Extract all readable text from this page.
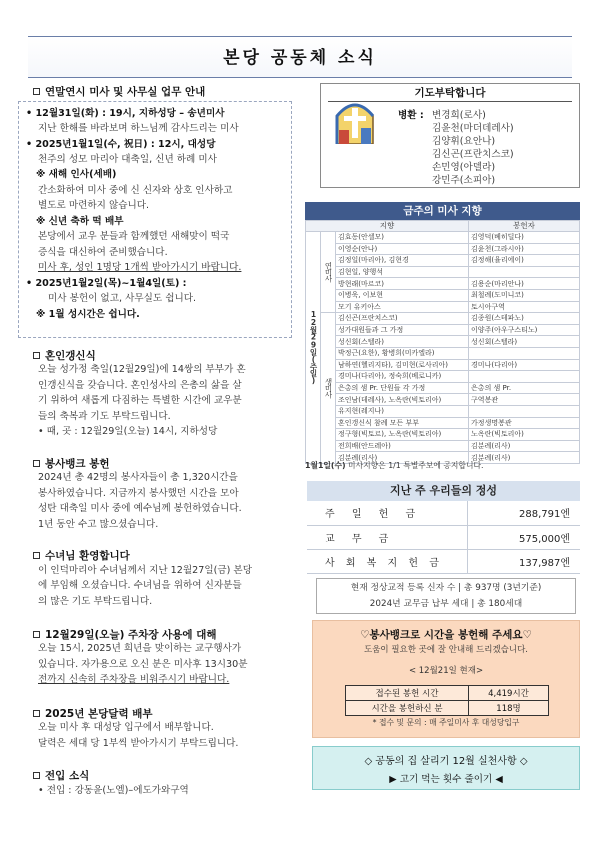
본당 공동체 소식
연말연시 미사 및 사무실 업무 안내
• 12월31일(화) : 19시, 지하성당 – 송년미사
지난 한해를 바라보며 하느님께 감사드리는 미사
• 2025년1월1일(수, 祝日) : 12시, 대성당
천주의 성모 마리아 대축일, 신년 하례 미사
※ 새해 인사(세배)
간소화하여 미사 중에 신 신자와 상호 인사하고
별도로 마련하지 않습니다.
※ 신년 축하 떡 배부
본당에서 교우 분들과 함께했던 새해맞이 떡국
증식을 대신하여 준비했습니다.
미사 후, 성인 1명당 1개씩 받아가시기 바랍니다.
• 2025년1월2일(목)~1월4일(토) :
미사 봉헌이 없고, 사무실도 쉽니다.
※ 1월 성시간은 쉽니다.
혼인갱신식
오늘 성가정 축일(12월29일)에 14쌍의 부부가 혼
인갱신식을 갖습니다. 혼인성사의 은총의 삶을 살
기 위하여 새롭게 다짐하는 특별한 시간에 교우분
들의 축복과 기도 부탁드립니다.
• 때, 곳 : 12월29일(오늘) 14시, 지하성당
봉사뱅크 봉헌
2024년 총 42명의 봉사자들이 총 1,320시간을
봉사하였습니다. 지금까지 봉사했던 시간을 모아
성탄 대축일 미사 중에 예수님께 봉헌하였습니다.
1년 동안 수고 많으셨습니다.
수녀님 환영합니다
이 인덕마리아 수녀님께서 지난 12월27일(금) 본당
에 부임해 오셨습니다. 수녀님을 위하여 신자분들
의 많은 기도 부탁드립니다.
12월29일(오늘) 주차장 사용에 대해
오늘 15시, 2025년 희년을 맞이하는 교구행사가
있습니다. 자가용으로 오신 분은 미사후 13시30분
전까지 신속히 주차장을 비워주시기 바랍니다.
2025년 본당달력 배부
오늘 미사 후 대성당 입구에서 배부합니다.
달력은 세대 당 1부씩 받아가시기 부탁드립니다.
전입 소식
• 전입 : 강동윤(노엘)–에도가와구역
기도부탁합니다
병환 : 변경희(로사)
김윤천(마더데레사)
김양휘(요안나)
김신곤(프란치스코)
손민영(아델라)
강민주(소피아)
금주의 미사 지향
지향			봉헌자
12월29일(주일)	연미사	김효동(안셀모)	김영덕(베히딜다)
		이영순(안나)	김윤천(그라시아)
		김정일(마리아), 김현경	김정해(율리에이)
		김현일, 양행석	
		방현래(마르코)	김용순(마리안나)
		이병욱, 이보현	최철례(도미니코)
		모기 유키아스	토시아구역
	생미사	김신곤(프란치스코)	김종원(스테파노)
		성가대원들과 그 가정	이양주(아우구스티노)
		성신회(스텔라)	성신회(스텔라)
		박정근(요한), 황병희(미카엘라)	
		남하연(헬리지타), 김미현(로사리아)	경미나(다리아)
		경미나(다리아), 정숙희(베로니카)	
		은총의 샘 Pr. 단원들 각 가정	은총의 샘 Pr.
		조인남(데레사), 노옥란(빅토리아)	구역봉관
		유지현(레지나)	
		혼인갱신식 참례 모든 부부	가정생명봉관
		정구형(빅토르), 노옥란(빅토리아)	노옥란(빅토리아)
		전희배(안드레아)	김분례(리사)
		김분례(리사)	김분례(리사)
1월1일(수) 미사지향은 1/1 특별주보에 공지합니다.
지난 주 우리들의 정성
주 일 헌 금	288,791엔
교 무 금	575,000엔
사 회 복 지 헌 금	137,987엔
현재 정상교적 등록 신자 수 | 총 937명 (3년기준)
2024년 교무금 납부 세대 | 총 180세대
♡봉사뱅크로 시간을 봉헌해 주세요♡
도움이 필요한 곳에 잘 안내해 드리겠습니다.
< 12월21일 현재>
접수된 봉헌 시간	4,419시간
시간을 봉헌하신 분	118명
* 접수 및 문의 : 매 주일미사 후 대성당입구
◇ 공동의 집 살리기 12월 실천사항 ◇
▶ 고기 먹는 횟수 줄이기 ◀
